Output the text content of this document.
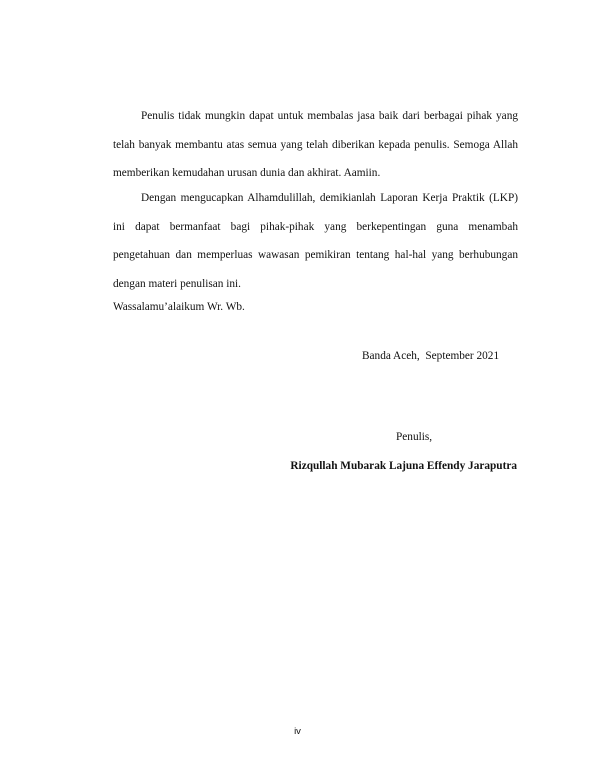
Penulis tidak mungkin dapat untuk membalas jasa baik dari berbagai pihak yang telah banyak membantu atas semua yang telah diberikan kepada penulis. Semoga Allah memberikan kemudahan urusan dunia dan akhirat. Aamiin.

Dengan mengucapkan Alhamdulillah, demikianlah Laporan Kerja Praktik (LKP) ini dapat bermanfaat bagi pihak-pihak yang berkepentingan guna menambah pengetahuan dan memperluas wawasan pemikiran tentang hal-hal yang berhubungan dengan materi penulisan ini.

Wassalamu’alaikum Wr. Wb.
Banda Aceh,  September 2021
Penulis,
Rizqullah Mubarak Lajuna Effendy Jaraputra
iv
